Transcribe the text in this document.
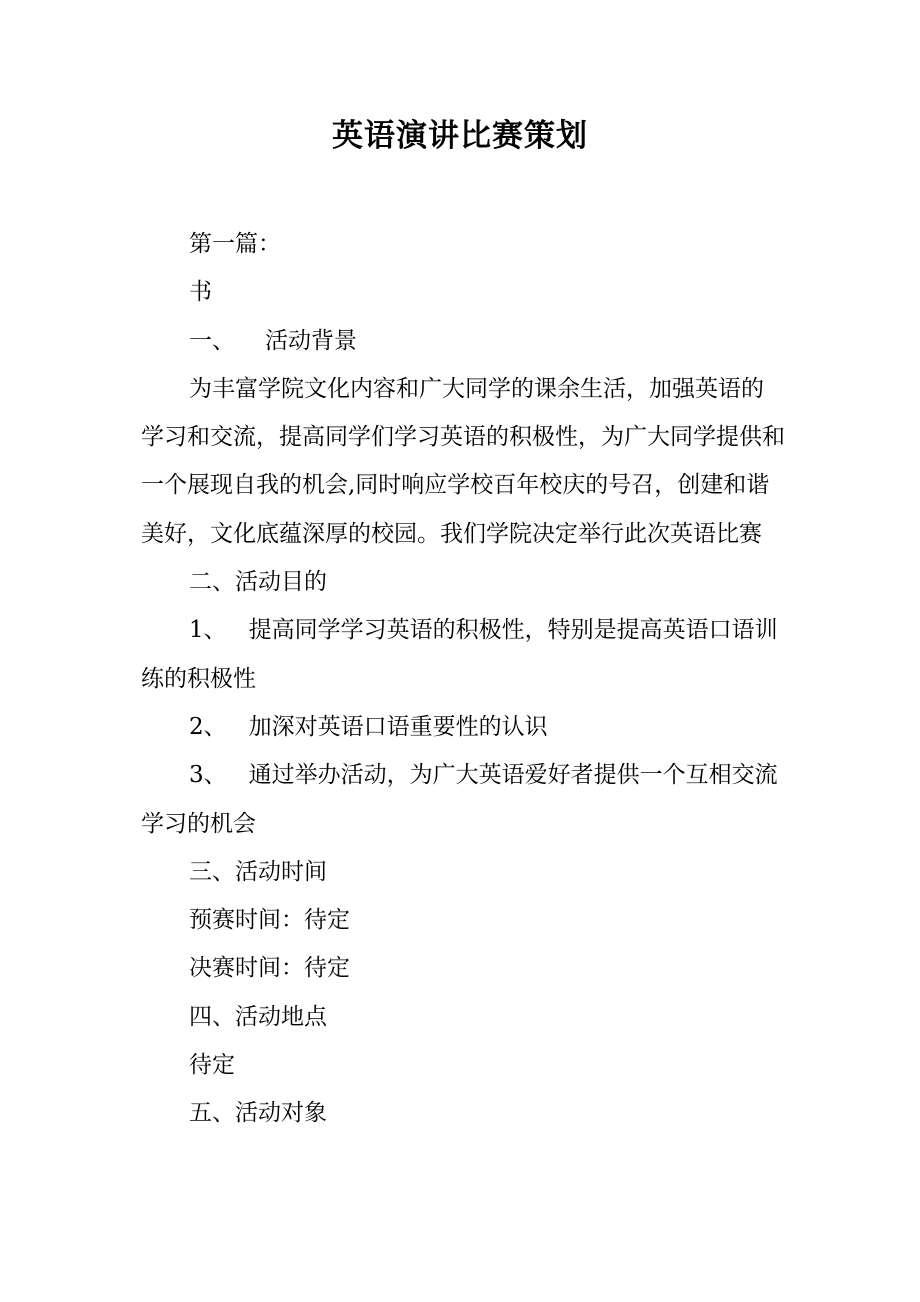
英语演讲比赛策划

第一篇：

书

一、 活动背景

为丰富学院文化内容和广大同学的课余生活，加强英语的学习和交流，提高同学们学习英语的积极性，为广大同学提供和一个展现自我的机会,同时响应学校百年校庆的号召，创建和谐美好，文化底蕴深厚的校园。我们学院决定举行此次英语比赛

二、活动目的

1、 提高同学学习英语的积极性，特别是提高英语口语训练的积极性

2、 加深对英语口语重要性的认识

3、 通过举办活动，为广大英语爱好者提供一个互相交流学习的机会

三、活动时间

预赛时间：待定

决赛时间：待定

四、活动地点

待定

五、活动对象
